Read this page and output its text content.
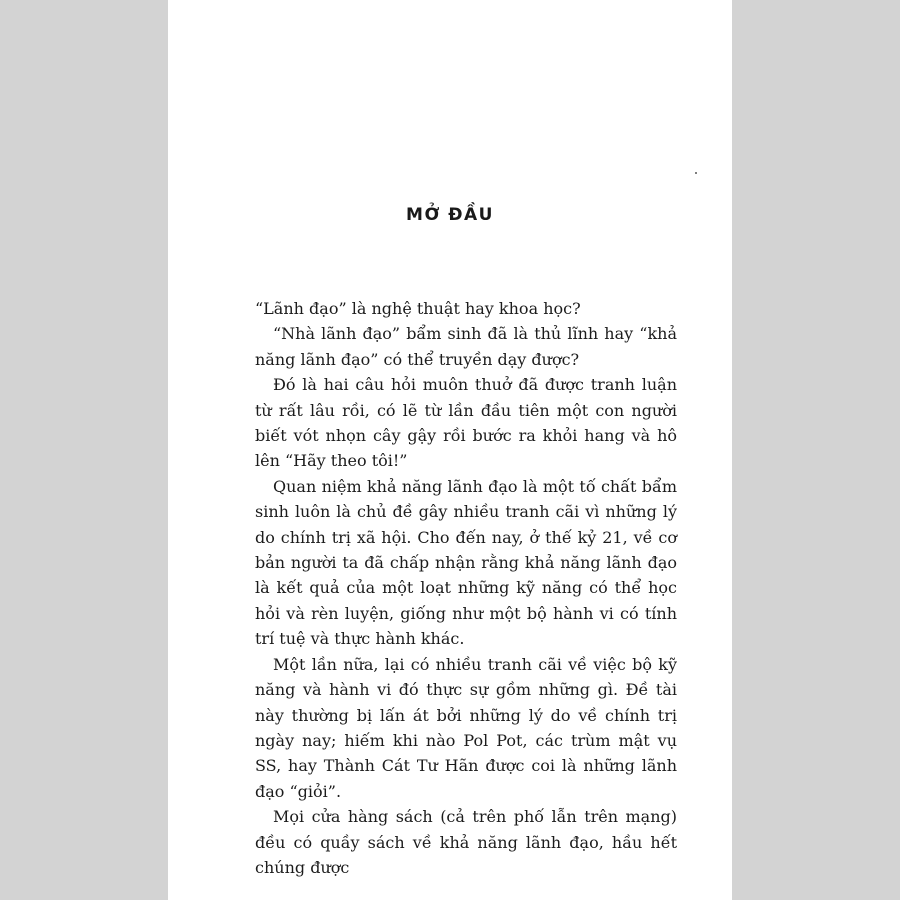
MỞ ĐẦU

“Lãnh đạo” là nghệ thuật hay khoa học?

“Nhà lãnh đạo” bẩm sinh đã là thủ lĩnh hay “khả năng lãnh đạo” có thể truyền dạy được?

Đó là hai câu hỏi muôn thuở đã được tranh luận từ rất lâu rồi, có lẽ từ lần đầu tiên một con người biết vót nhọn cây gậy rồi bước ra khỏi hang và hô lên “Hãy theo tôi!”

Quan niệm khả năng lãnh đạo là một tố chất bẩm sinh luôn là chủ đề gây nhiều tranh cãi vì những lý do chính trị xã hội. Cho đến nay, ở thế kỷ 21, về cơ bản người ta đã chấp nhận rằng khả năng lãnh đạo là kết quả của một loạt những kỹ năng có thể học hỏi và rèn luyện, giống như một bộ hành vi có tính trí tuệ và thực hành khác.

Một lần nữa, lại có nhiều tranh cãi về việc bộ kỹ năng và hành vi đó thực sự gồm những gì. Đề tài này thường bị lấn át bởi những lý do về chính trị ngày nay; hiếm khi nào Pol Pot, các trùm mật vụ SS, hay Thành Cát Tư Hãn được coi là những lãnh đạo “giỏi”.

Mọi cửa hàng sách (cả trên phố lẫn trên mạng) đều có quầy sách về khả năng lãnh đạo, hầu hết chúng được
